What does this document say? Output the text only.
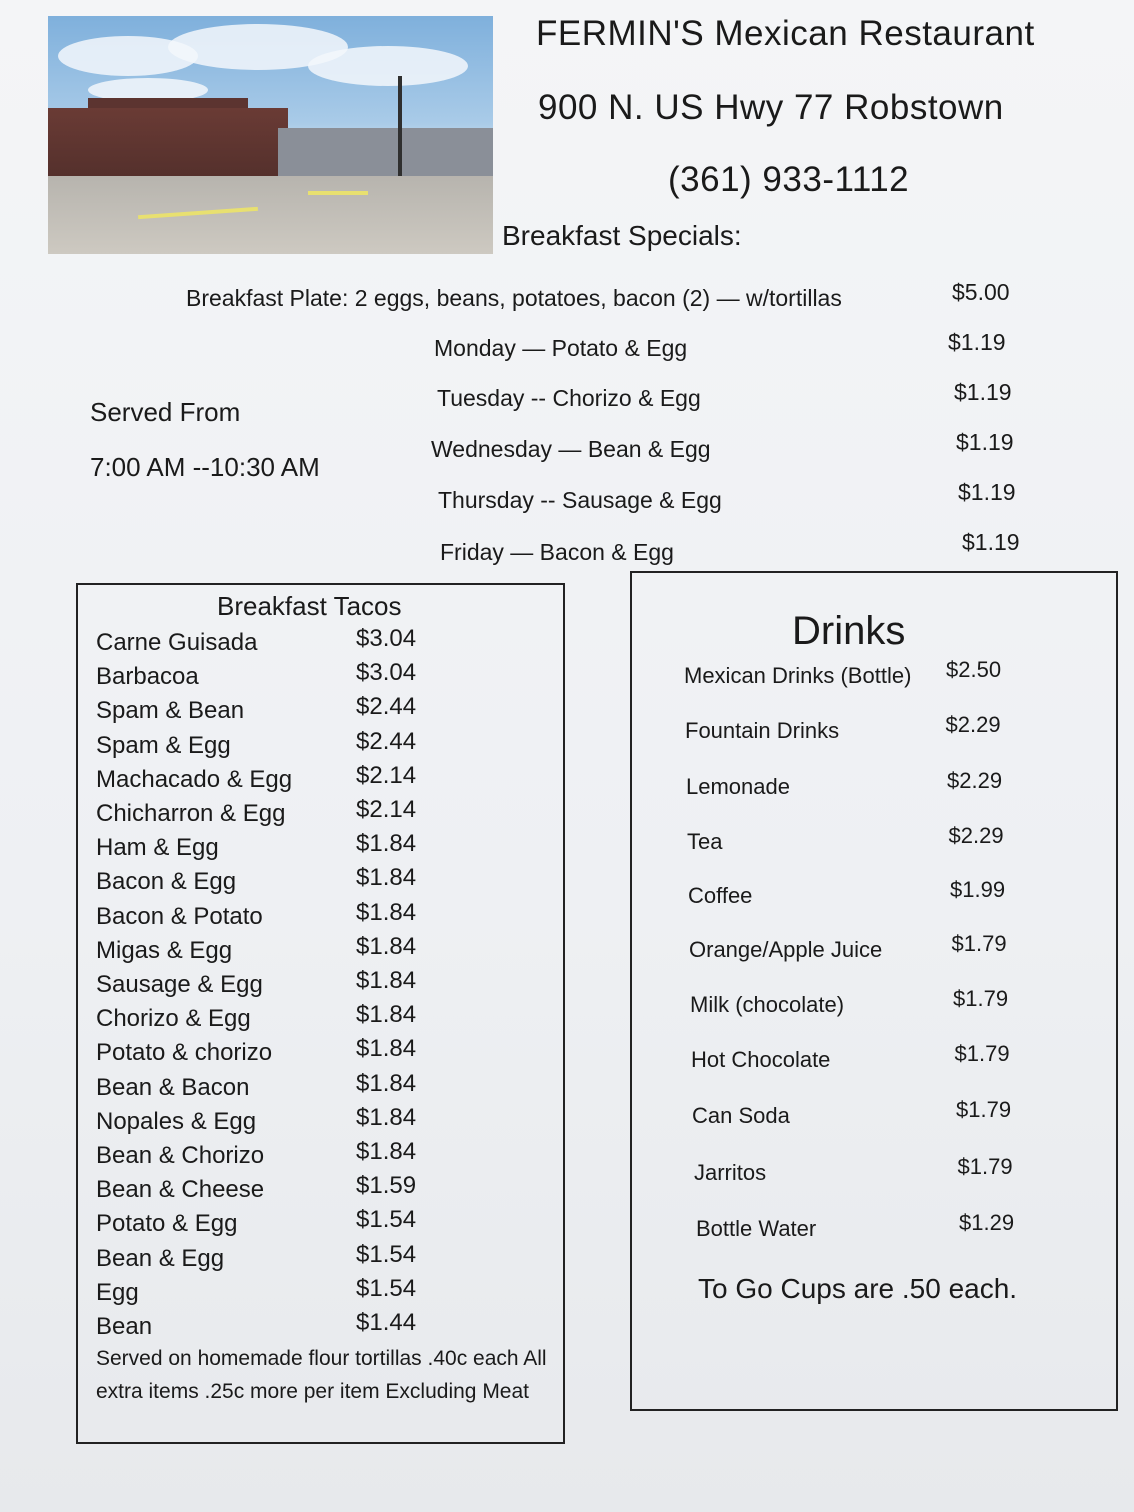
FERMIN'S Mexican Restaurant
900 N. US Hwy 77 Robstown
(361) 933-1112
Breakfast Specials:
Breakfast Plate: 2 eggs, beans, potatoes, bacon (2) — w/tortillas	$5.00
Served From
7:00 AM --10:30 AM
Monday — Potato & Egg	$1.19
Tuesday -- Chorizo & Egg	$1.19
Wednesday — Bean & Egg	$1.19
Thursday -- Sausage & Egg	$1.19
Friday — Bacon & Egg	$1.19
Breakfast Tacos
Carne Guisada	$3.04
Barbacoa	$3.04
Spam & Bean	$2.44
Spam & Egg	$2.44
Machacado & Egg	$2.14
Chicharron & Egg	$2.14
Ham & Egg	$1.84
Bacon & Egg	$1.84
Bacon & Potato	$1.84
Migas & Egg	$1.84
Sausage & Egg	$1.84
Chorizo & Egg	$1.84
Potato & chorizo	$1.84
Bean & Bacon	$1.84
Nopales & Egg	$1.84
Bean & Chorizo	$1.84
Bean & Cheese	$1.59
Potato & Egg	$1.54
Bean & Egg	$1.54
Egg	$1.54
Bean	$1.44
Served on homemade flour tortillas .40c each All extra items .25c more per item Excluding Meat
Drinks
Mexican Drinks (Bottle) $2.50
Fountain Drinks	$2.29
Lemonade	$2.29
Tea	$2.29
Coffee	$1.99
Orange/Apple Juice	$1.79
Milk (chocolate)	$1.79
Hot Chocolate	$1.79
Can Soda	$1.79
Jarritos	$1.79
Bottle Water	$1.29
To Go Cups are .50 each.
